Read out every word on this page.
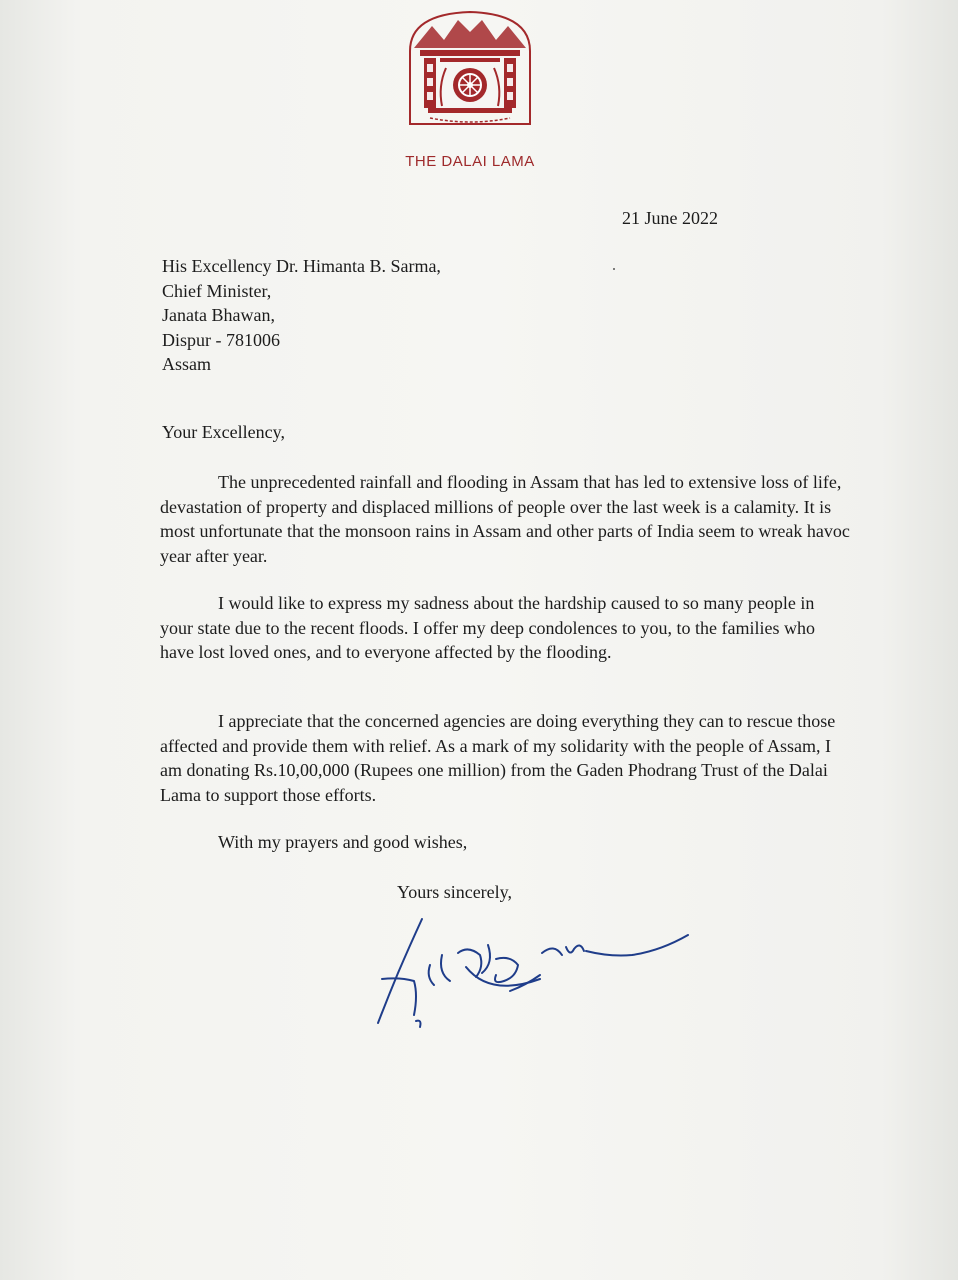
THE DALAI LAMA
21 June 2022
His Excellency Dr. Himanta B. Sarma,
Chief Minister,
Janata Bhawan,
Dispur - 781006
Assam
Your Excellency,

The unprecedented rainfall and flooding in Assam that has led to extensive loss of life, devastation of property and displaced millions of people over the last week is a calamity. It is most unfortunate that the monsoon rains in Assam and other parts of India seem to wreak havoc year after year.

I would like to express my sadness about the hardship caused to so many people in your state due to the recent floods. I offer my deep condolences to you, to the families who have lost loved ones, and to everyone affected by the flooding.

I appreciate that the concerned agencies are doing everything they can to rescue those affected and provide them with relief. As a mark of my solidarity with the people of Assam, I am donating Rs.10,00,000 (Rupees one million) from the Gaden Phodrang Trust of the Dalai Lama to support those efforts.

With my prayers and good wishes,
Yours sincerely,
